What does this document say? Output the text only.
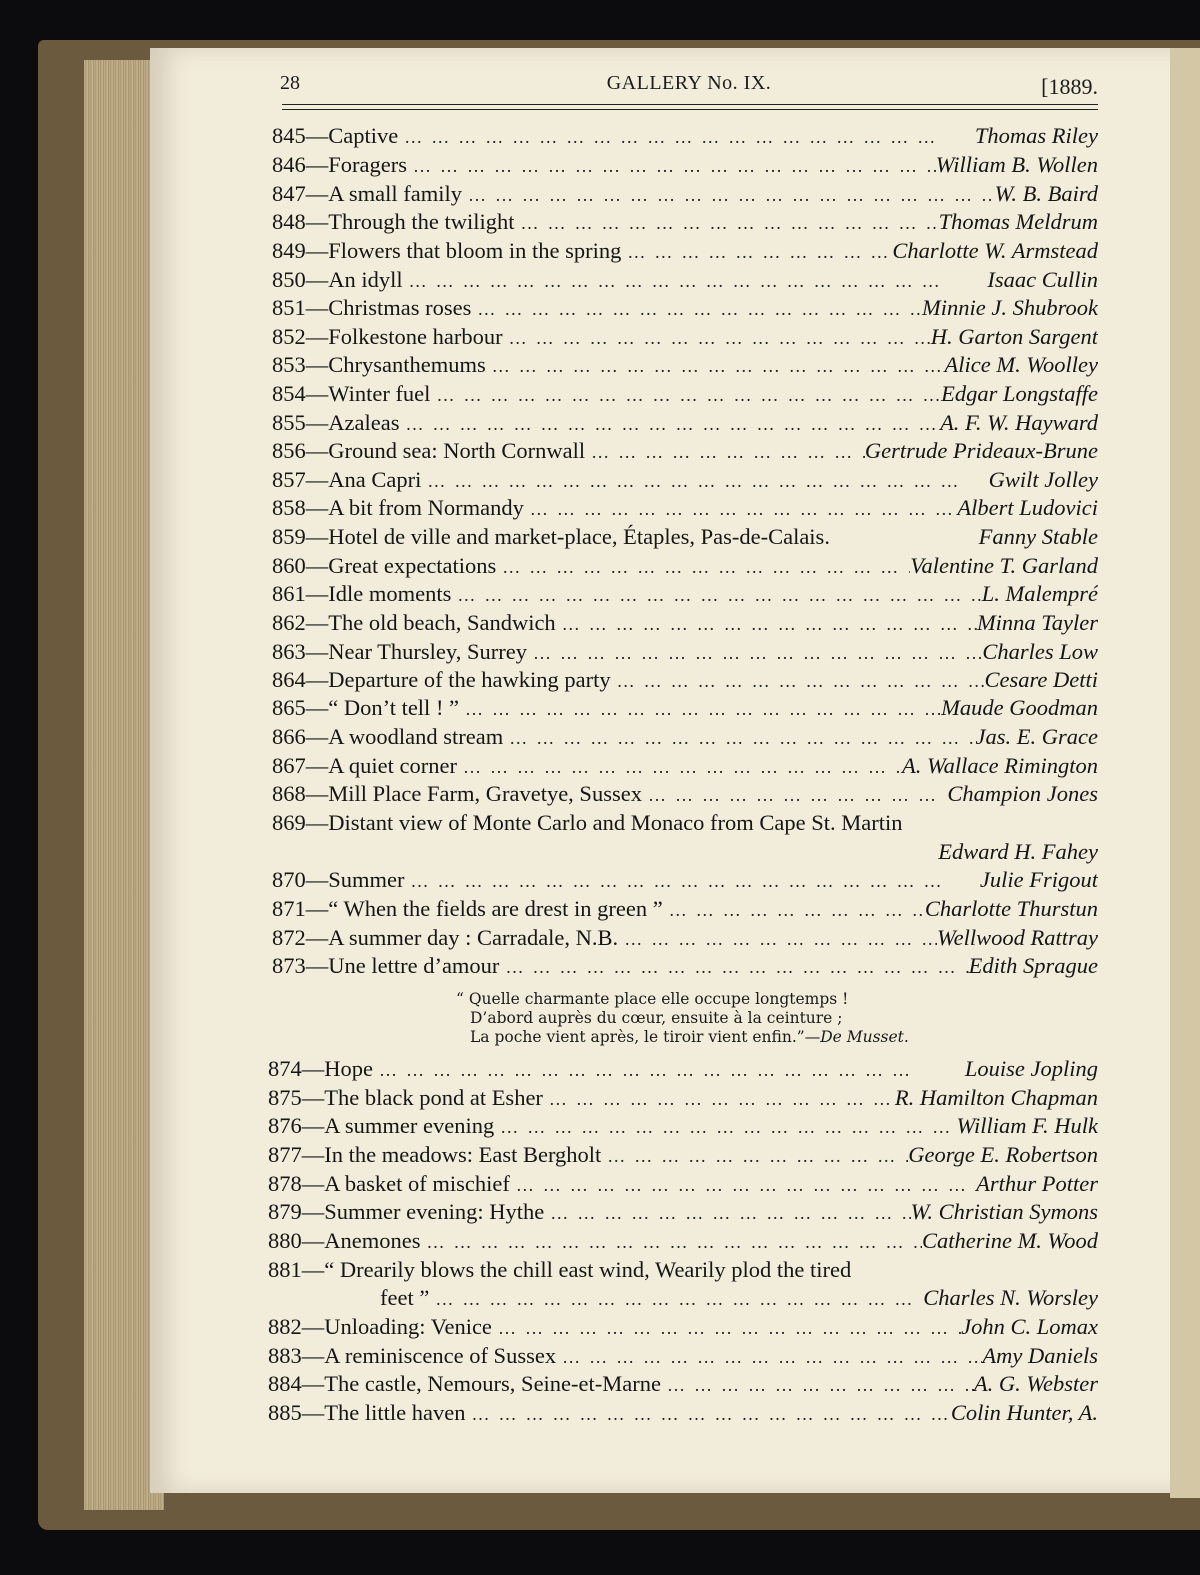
28	GALLERY No. IX.	[1889.
845—Captive ……………………………………………………	Thomas Riley
846—Foragers ……………………………………………………	William B. Wollen
847—A small family ……………………………………………………	W. B. Baird
848—Through the twilight ……………………………………………………	Thomas Meldrum
849—Flowers that bloom in the spring ……………………………………………………	Charlotte W. Armstead
850—An idyll ……………………………………………………	Isaac Cullin
851—Christmas roses ……………………………………………………	Minnie J. Shubrook
852—Folkestone harbour ……………………………………………………	H. Garton Sargent
853—Chrysanthemums ……………………………………………………	Alice M. Woolley
854—Winter fuel ……………………………………………………	Edgar Longstaffe
855—Azaleas ……………………………………………………	A. F. W. Hayward
856—Ground sea: North Cornwall ……………………………………………………	Gertrude Prideaux-Brune
857—Ana Capri ……………………………………………………	Gwilt Jolley
858—A bit from Normandy ……………………………………………………	Albert Ludovici
859—Hotel de ville and market-place, Étaples, Pas-de-Calais.	Fanny Stable
860—Great expectations ……………………………………………………	Valentine T. Garland
861—Idle moments ……………………………………………………	L. Malempré
862—The old beach, Sandwich ……………………………………………………	Minna Tayler
863—Near Thursley, Surrey ……………………………………………………	Charles Low
864—Departure of the hawking party ……………………………………………………	Cesare Detti
865—“ Don’t tell ! ” ……………………………………………………	Maude Goodman
866—A woodland stream ……………………………………………………	Jas. E. Grace
867—A quiet corner ……………………………………………………	A. Wallace Rimington
868—Mill Place Farm, Gravetye, Sussex ……………………………………………………	Champion Jones
869—Distant view of Monte Carlo and Monaco from Cape St. Martin
Edward H. Fahey
870—Summer ……………………………………………………	Julie Frigout
871—“ When the fields are drest in green ” ……………………………………………………	Charlotte Thurstun
872—A summer day : Carradale, N.B. ……………………………………………………	Wellwood Rattray
873—Une lettre d’amour ……………………………………………………	Edith Sprague
874—Hope ……………………………………………………	Louise Jopling
875—The black pond at Esher ……………………………………………………	R. Hamilton Chapman
876—A summer evening ……………………………………………………	William F. Hulk
877—In the meadows: East Bergholt ……………………………………………………	George E. Robertson
878—A basket of mischief ……………………………………………………	Arthur Potter
879—Summer evening: Hythe ……………………………………………………	W. Christian Symons
880—Anemones ……………………………………………………	Catherine M. Wood
881—“ Drearily blows the chill east wind, Wearily plod the tired
feet ” ……………………………………………………	Charles N. Worsley
882—Unloading: Venice ……………………………………………………	John C. Lomax
883—A reminiscence of Sussex ……………………………………………………	Amy Daniels
884—The castle, Nemours, Seine-et-Marne ……………………………………………………	A. G. Webster
885—The little haven ……………………………………………………	Colin Hunter, A.
“ Quelle charmante place elle occupe longtemps !
D’abord auprès du cœur, ensuite à la ceinture ;
La poche vient après, le tiroir vient enfin.”—De Musset.
